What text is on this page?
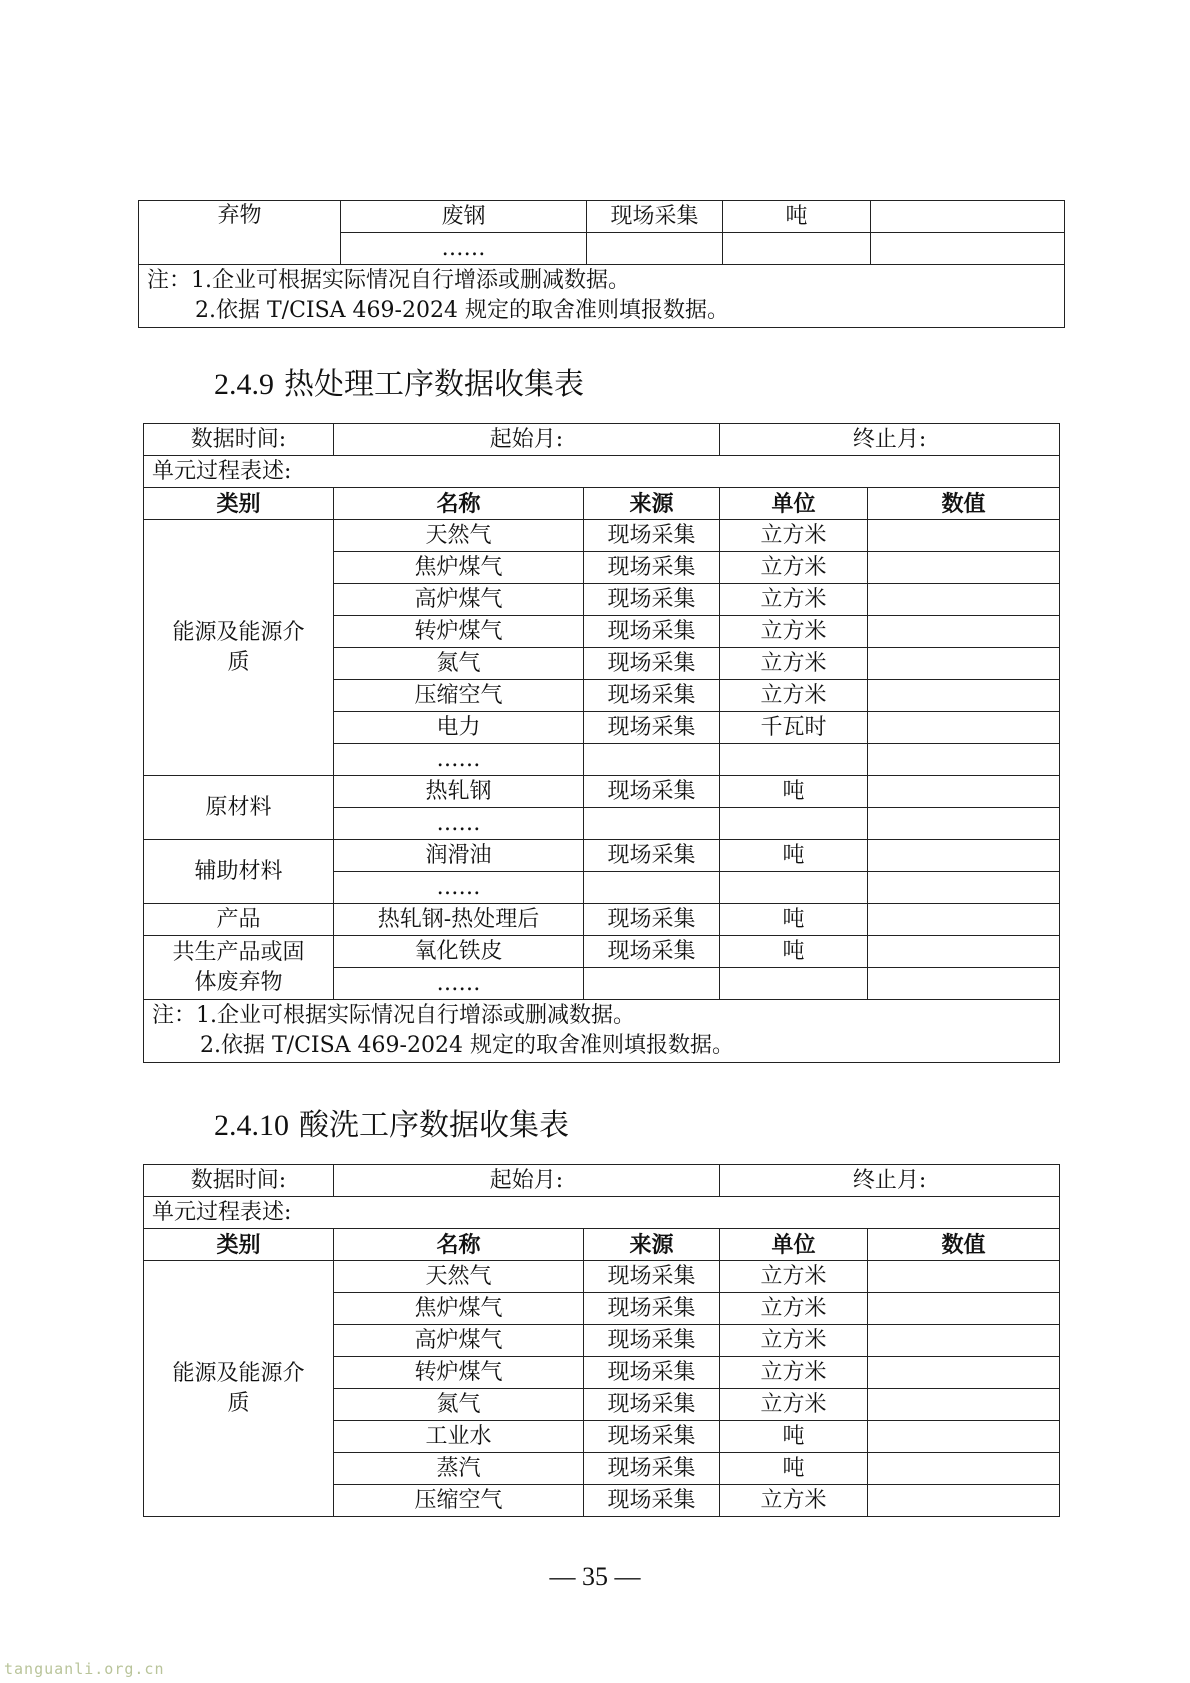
弃物	废钢	现场采集	吨	
	……			

注：1.企业可根据实际情况自行增添或删减数据。
2.依据 T/CISA 469-2024 规定的取舍准则填报数据。				
2.4.9 热处理工序数据收集表
数据时间:	起始月:		终止月:	
单元过程表述:				
类别	名称	来源	单位	数值

能源及能源介
质	天然气	现场采集	立方米	
	焦炉煤气	现场采集	立方米	
	高炉煤气	现场采集	立方米	
	转炉煤气	现场采集	立方米	
	氮气	现场采集	立方米	
	压缩空气	现场采集	立方米	
	电力	现场采集	千瓦时	
	……			
原材料	热轧钢	现场采集	吨	
	……			
辅助材料	润滑油	现场采集	吨	
	……			
产品	热轧钢-热处理后	现场采集	吨	

共生产品或固
体废弃物	氧化铁皮	现场采集	吨	
	……			

注：1.企业可根据实际情况自行增添或删减数据。
2.依据 T/CISA 469-2024 规定的取舍准则填报数据。				
2.4.10 酸洗工序数据收集表
数据时间:	起始月:		终止月:	
单元过程表述:				
类别	名称	来源	单位	数值

能源及能源介
质	天然气	现场采集	立方米	
	焦炉煤气	现场采集	立方米	
	高炉煤气	现场采集	立方米	
	转炉煤气	现场采集	立方米	
	氮气	现场采集	立方米	
	工业水	现场采集	吨	
	蒸汽	现场采集	吨	
	压缩空气	现场采集	立方米	
— 35 —
tanguanli.org.cn
